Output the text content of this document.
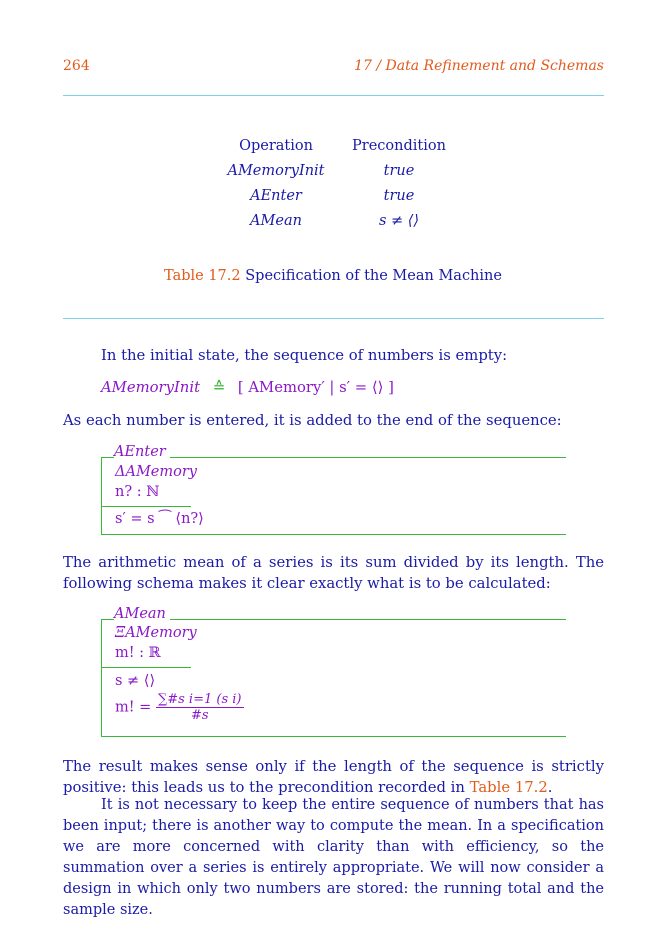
264	17 / Data Refinement and Schemas
Operation	Precondition
AMemoryInit	true
AEnter	true
AMean	s ≠ ⟨⟩
Table 17.2 Specification of the Mean Machine
In the initial state, the sequence of numbers is empty:
AMemoryInit ≙ [ AMemory′ | s′ = ⟨⟩ ]
As each number is entered, it is added to the end of the sequence:
AEnter
ΔAMemory
n? : ℕ
s′ = s ⁀ ⟨n?⟩
The arithmetic mean of a series is its sum divided by its length. The following schema makes it clear exactly what is to be calculated:
AMean
ΞAMemory
m! : ℝ
s ≠ ⟨⟩
m! = $\frac{\text{∑\#s i=1 (s i)}}{\#s}$
The result makes sense only if the length of the sequence is strictly positive: this leads us to the precondition recorded in Table 17.2.
It is not necessary to keep the entire sequence of numbers that has been input; there is another way to compute the mean. In a specification we are more concerned with clarity than with efficiency, so the summation over a series is entirely appropriate. We will now consider a design in which only two numbers are stored: the running total and the sample size.
